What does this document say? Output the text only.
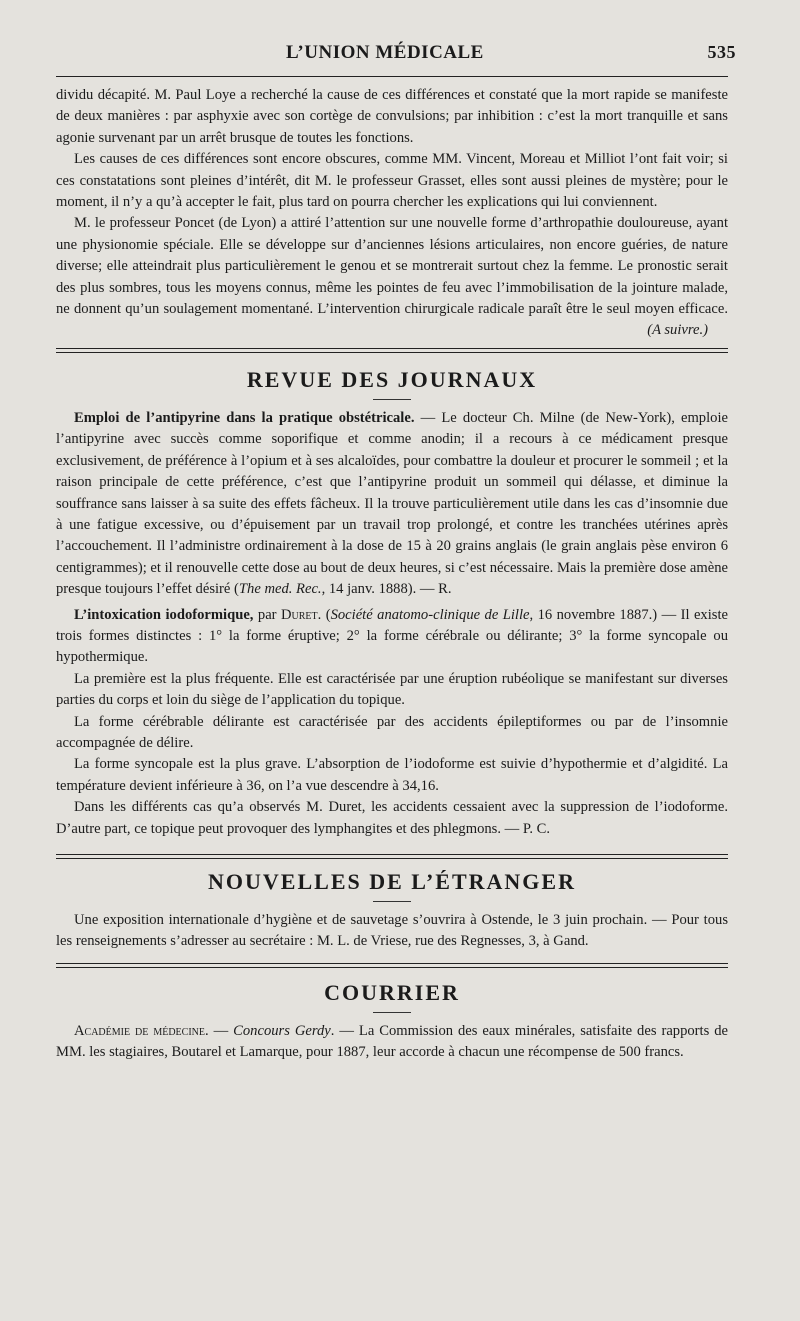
L’UNION MÉDICALE	535

dividu décapité. M. Paul Loye a recherché la cause de ces différences et constaté que la mort rapide se manifeste de deux manières : par asphyxie avec son cortège de convulsions; par inhibition : c’est la mort tranquille et sans agonie survenant par un arrêt brusque de toutes les fonctions.

Les causes de ces différences sont encore obscures, comme MM. Vincent, Moreau et Milliot l’ont fait voir; si ces constatations sont pleines d’intérêt, dit M. le professeur Grasset, elles sont aussi pleines de mystère; pour le moment, il n’y a qu’à accepter le fait, plus tard on pourra chercher les explications qui lui conviennent.

M. le professeur Poncet (de Lyon) a attiré l’attention sur une nouvelle forme d’arthropathie douloureuse, ayant une physionomie spéciale. Elle se développe sur d’anciennes lésions articulaires, non encore guéries, de nature diverse; elle atteindrait plus particulièrement le genou et se montrerait surtout chez la femme. Le pronostic serait des plus sombres, tous les moyens connus, même les pointes de feu avec l’immobilisation de la jointure malade, ne donnent qu’un soulagement momentané. L’intervention chirurgicale radicale paraît être le seul moyen efficace.

(A suivre.)

REVUE DES JOURNAUX

Emploi de l’antipyrine dans la pratique obstétricale. — Le docteur Ch. Milne (de New-York), emploie l’antipyrine avec succès comme soporifique et comme anodin; il a recours à ce médicament presque exclusivement, de préférence à l’opium et à ses alcaloïdes, pour combattre la douleur et procurer le sommeil ; et la raison principale de cette préférence, c’est que l’antipyrine produit un sommeil qui délasse, et diminue la souffrance sans laisser à sa suite des effets fâcheux. Il la trouve particulièrement utile dans les cas d’insomnie due à une fatigue excessive, ou d’épuisement par un travail trop prolongé, et contre les tranchées utérines après l’accouchement. Il l’administre ordinairement à la dose de 15 à 20 grains anglais (le grain anglais pèse environ 6 centigrammes); et il renouvelle cette dose au bout de deux heures, si c’est nécessaire. Mais la première dose amène presque toujours l’effet désiré (The med. Rec., 14 janv. 1888). — R.

L’intoxication iodoformique, par Duret. (Société anatomo-clinique de Lille, 16 novembre 1887.) — Il existe trois formes distinctes : 1° la forme éruptive; 2° la forme cérébrale ou délirante; 3° la forme syncopale ou hypothermique.

La première est la plus fréquente. Elle est caractérisée par une éruption rubéolique se manifestant sur diverses parties du corps et loin du siège de l’application du topique.

La forme cérébrable délirante est caractérisée par des accidents épileptiformes ou par de l’insomnie accompagnée de délire.

La forme syncopale est la plus grave. L’absorption de l’iodoforme est suivie d’hypothermie et d’algidité. La température devient inférieure à 36, on l’a vue descendre à 34,16.

Dans les différents cas qu’a observés M. Duret, les accidents cessaient avec la suppression de l’iodoforme. D’autre part, ce topique peut provoquer des lymphangites et des phlegmons. — P. C.

NOUVELLES DE L’ÉTRANGER

Une exposition internationale d’hygiène et de sauvetage s’ouvrira à Ostende, le 3 juin prochain. — Pour tous les renseignements s’adresser au secrétaire : M. L. de Vriese, rue des Regnesses, 3, à Gand.

COURRIER

Académie de médecine. — Concours Gerdy. — La Commission des eaux minérales, satisfaite des rapports de MM. les stagiaires, Boutarel et Lamarque, pour 1887, leur accorde à chacun une récompense de 500 francs.
